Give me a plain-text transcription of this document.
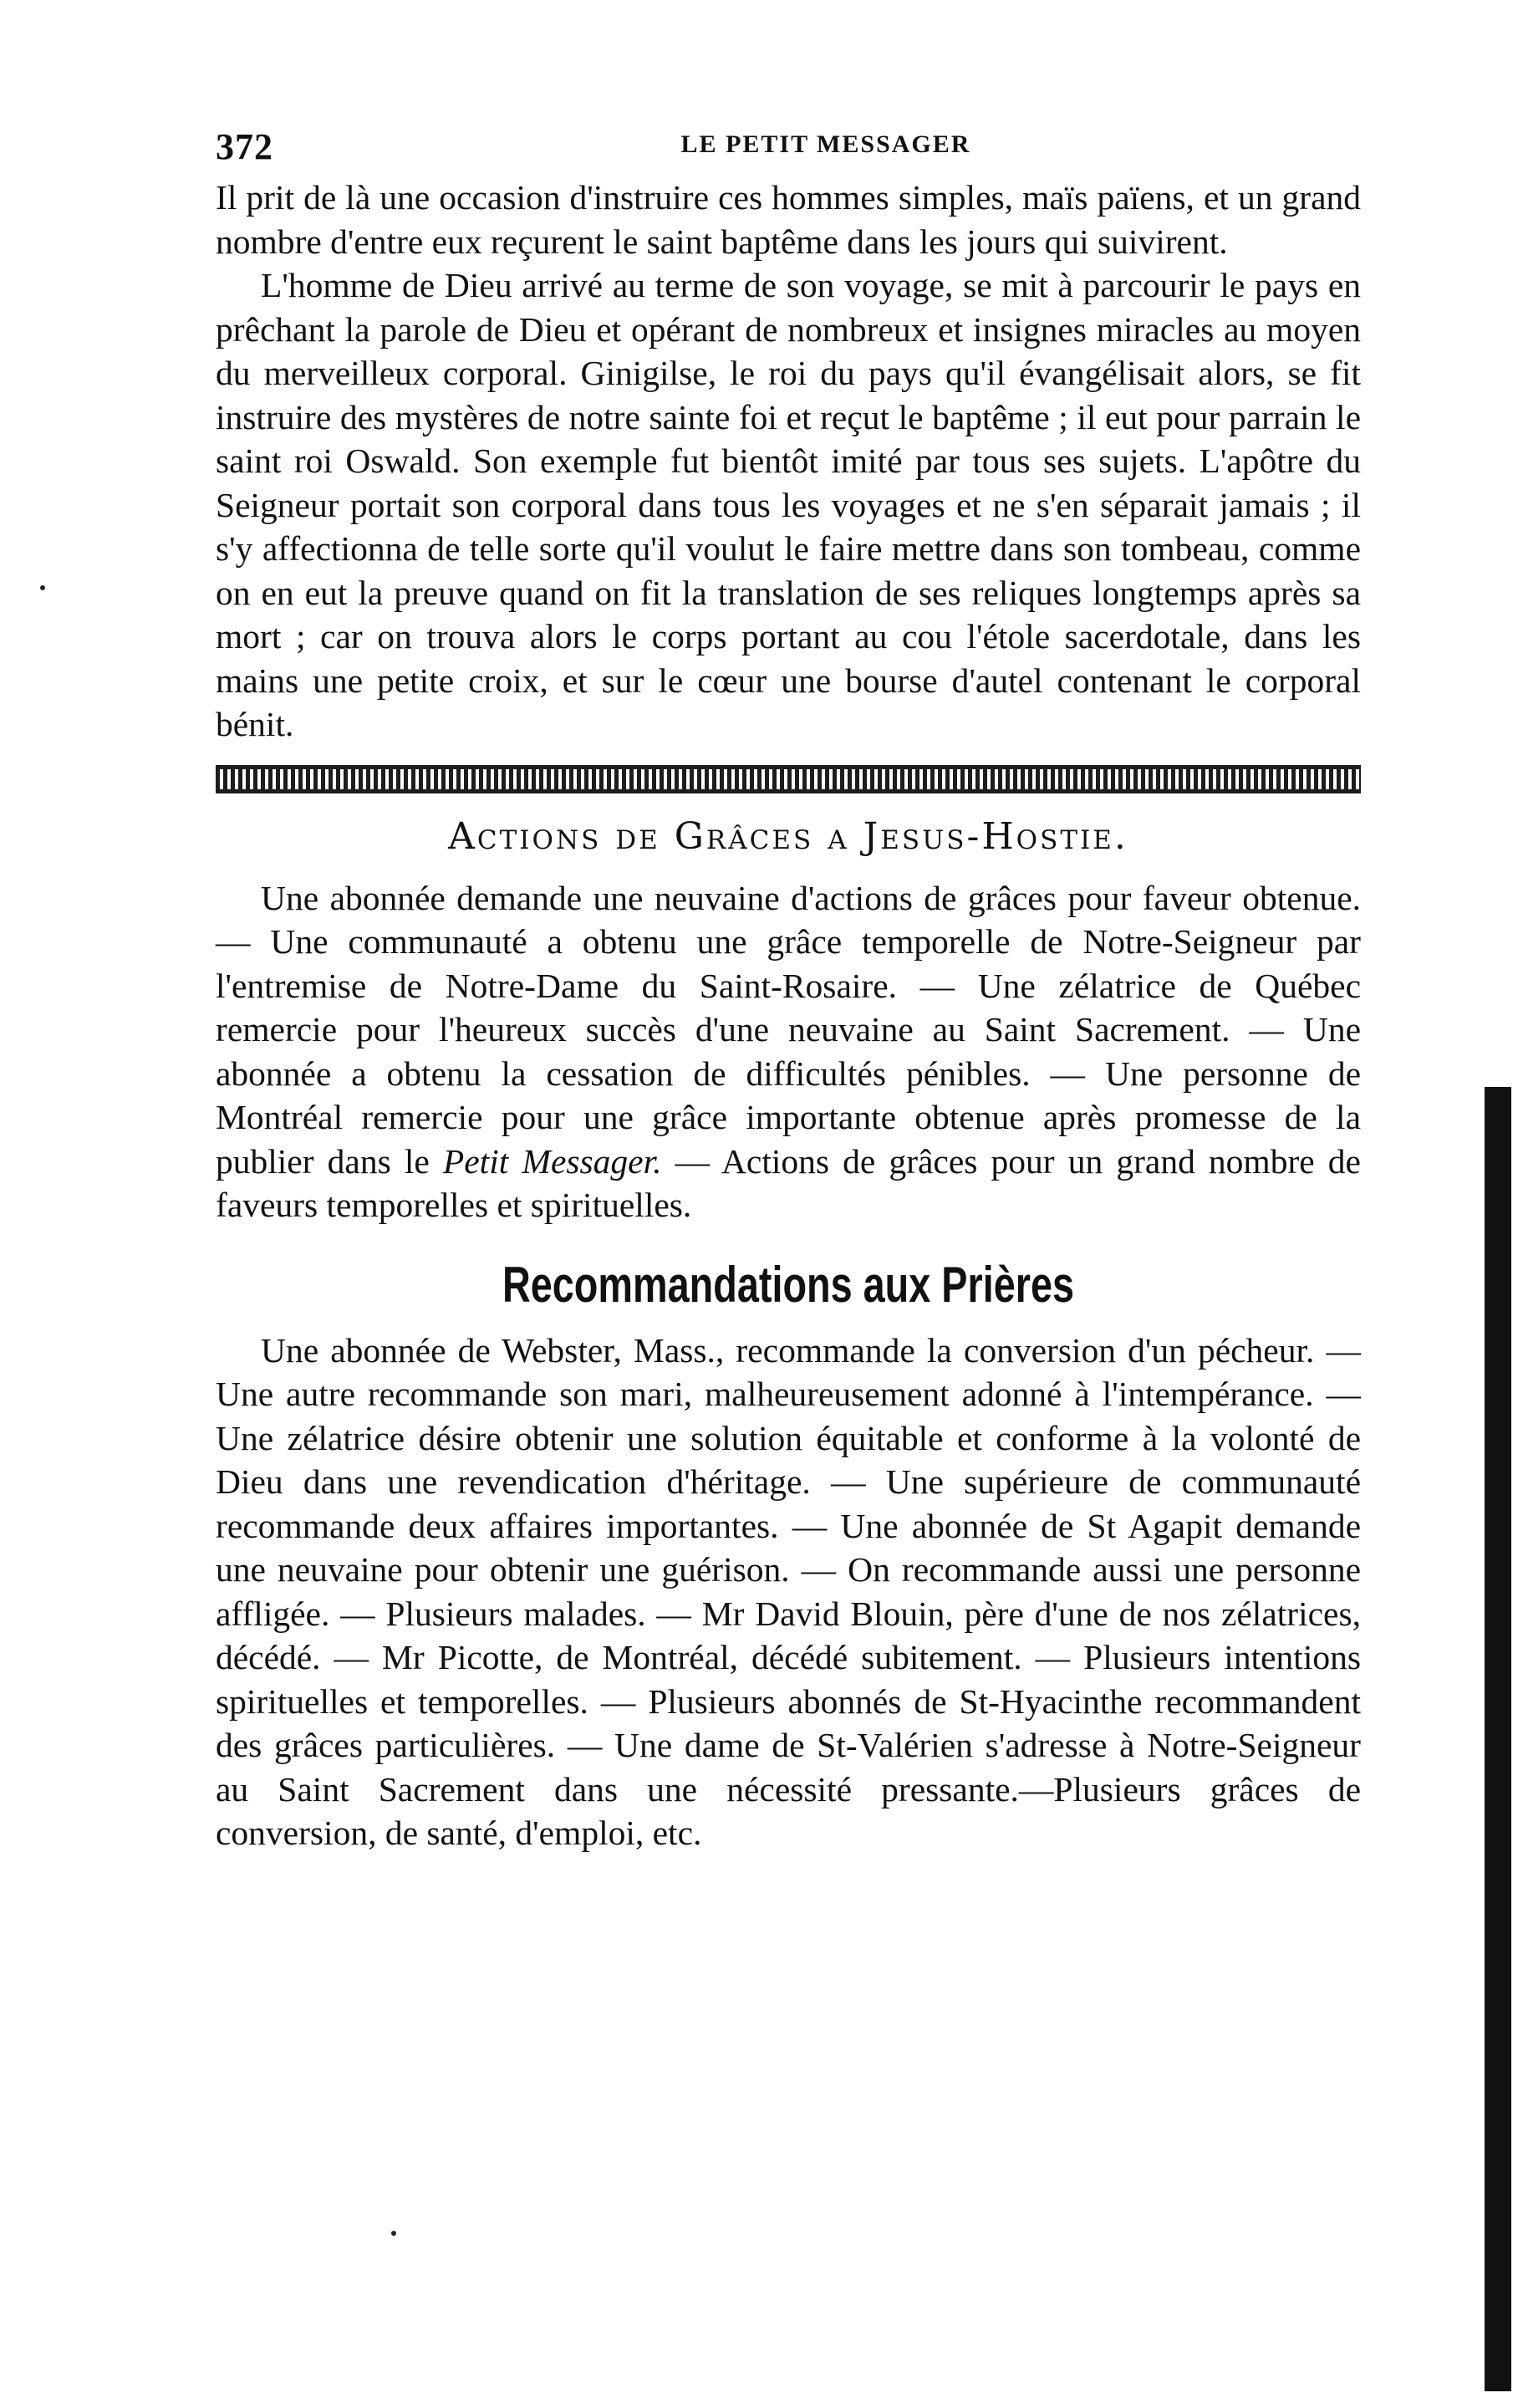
372	LE PETIT MESSAGER

Il prit de là une occasion d'instruire ces hommes simples, maïs païens, et un grand nombre d'entre eux reçurent le saint baptême dans les jours qui suivirent.

L'homme de Dieu arrivé au terme de son voyage, se mit à parcourir le pays en prêchant la parole de Dieu et opérant de nombreux et insignes miracles au moyen du merveilleux corporal. Ginigilse, le roi du pays qu'il évangélisait alors, se fit instruire des mystères de notre sainte foi et reçut le baptême ; il eut pour parrain le saint roi Oswald. Son exemple fut bientôt imité par tous ses sujets. L'apôtre du Seigneur portait son corporal dans tous les voyages et ne s'en séparait jamais ; il s'y affectionna de telle sorte qu'il voulut le faire mettre dans son tombeau, comme on en eut la preuve quand on fit la translation de ses reliques longtemps après sa mort ; car on trouva alors le corps portant au cou l'étole sacerdotale, dans les mains une petite croix, et sur le cœur une bourse d'autel contenant le corporal bénit.

Actions de Grâces a Jesus-Hostie.

Une abonnée demande une neuvaine d'actions de grâces pour faveur obtenue. — Une communauté a obtenu une grâce temporelle de Notre-Seigneur par l'entremise de Notre-Dame du Saint-Rosaire. — Une zélatrice de Québec remercie pour l'heureux succès d'une neuvaine au Saint Sacrement. — Une abonnée a obtenu la cessation de difficultés pénibles. — Une personne de Montréal remercie pour une grâce importante obtenue après promesse de la publier dans le Petit Messager. — Actions de grâces pour un grand nombre de faveurs temporelles et spirituelles.

Recommandations aux Prières

Une abonnée de Webster, Mass., recommande la conversion d'un pécheur. — Une autre recommande son mari, malheureusement adonné à l'intempérance. — Une zélatrice désire obtenir une solution équitable et conforme à la volonté de Dieu dans une revendication d'héritage. — Une supérieure de communauté recommande deux affaires importantes. — Une abonnée de St Agapit demande une neuvaine pour obtenir une guérison. — On recommande aussi une personne affligée. — Plusieurs malades. — Mr David Blouin, père d'une de nos zélatrices, décédé. — Mr Picotte, de Montréal, décédé subitement. — Plusieurs intentions spirituelles et temporelles. — Plusieurs abonnés de St-Hyacinthe recommandent des grâces particulières. — Une dame de St-Valérien s'adresse à Notre-Seigneur au Saint Sacrement dans une nécessité pressante.—Plusieurs grâces de conversion, de santé, d'emploi, etc.
